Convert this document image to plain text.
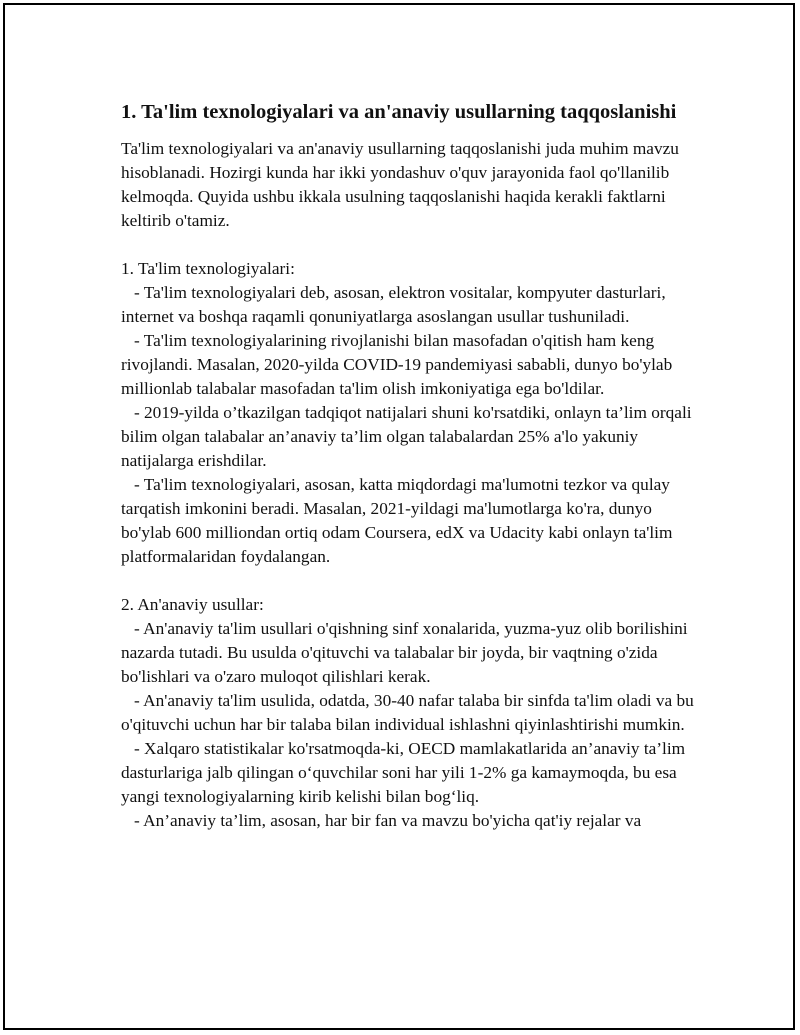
1. Ta'lim texnologiyalari va an'anaviy usullarning taqqoslanishi

Ta'lim texnologiyalari va an'anaviy usullarning taqqoslanishi juda muhim mavzu hisoblanadi. Hozirgi kunda har ikki yondashuv o'quv jarayonida faol qo'llanilib kelmoqda. Quyida ushbu ikkala usulning taqqoslanishi haqida kerakli faktlarni keltirib o'tamiz.

1. Ta'lim texnologiyalari:
- Ta'lim texnologiyalari deb, asosan, elektron vositalar, kompyuter dasturlari, internet va boshqa raqamli qonuniyatlarga asoslangan usullar tushuniladi.
- Ta'lim texnologiyalarining rivojlanishi bilan masofadan o'qitish ham keng rivojlandi. Masalan, 2020-yilda COVID-19 pandemiyasi sababli, dunyo bo'ylab millionlab talabalar masofadan ta'lim olish imkoniyatiga ega bo'ldilar.
- 2019-yilda o’tkazilgan tadqiqot natijalari shuni ko'rsatdiki, onlayn ta’lim orqali bilim olgan talabalar an’anaviy ta’lim olgan talabalardan 25% a'lo yakuniy natijalarga erishdilar.
- Ta'lim texnologiyalari, asosan, katta miqdordagi ma'lumotni tezkor va qulay tarqatish imkonini beradi. Masalan, 2021-yildagi ma'lumotlarga ko'ra, dunyo bo'ylab 600 milliondan ortiq odam Coursera, edX va Udacity kabi onlayn ta'lim platformalaridan foydalangan.
2. An'anaviy usullar:
- An'anaviy ta'lim usullari o'qishning sinf xonalarida, yuzma-yuz olib borilishini nazarda tutadi. Bu usulda o'qituvchi va talabalar bir joyda, bir vaqtning o'zida bo'lishlari va o'zaro muloqot qilishlari kerak.
- An'anaviy ta'lim usulida, odatda, 30-40 nafar talaba bir sinfda ta'lim oladi va bu o'qituvchi uchun har bir talaba bilan individual ishlashni qiyinlashtirishi mumkin.
- Xalqaro statistikalar ko'rsatmoqda-ki, OECD mamlakatlarida an’anaviy ta’lim dasturlariga jalb qilingan o‘quvchilar soni har yili 1-2% ga kamaymoqda, bu esa yangi texnologiyalarning kirib kelishi bilan bog‘liq.
- An’anaviy ta’lim, asosan, har bir fan va mavzu bo'yicha qat'iy rejalar va
